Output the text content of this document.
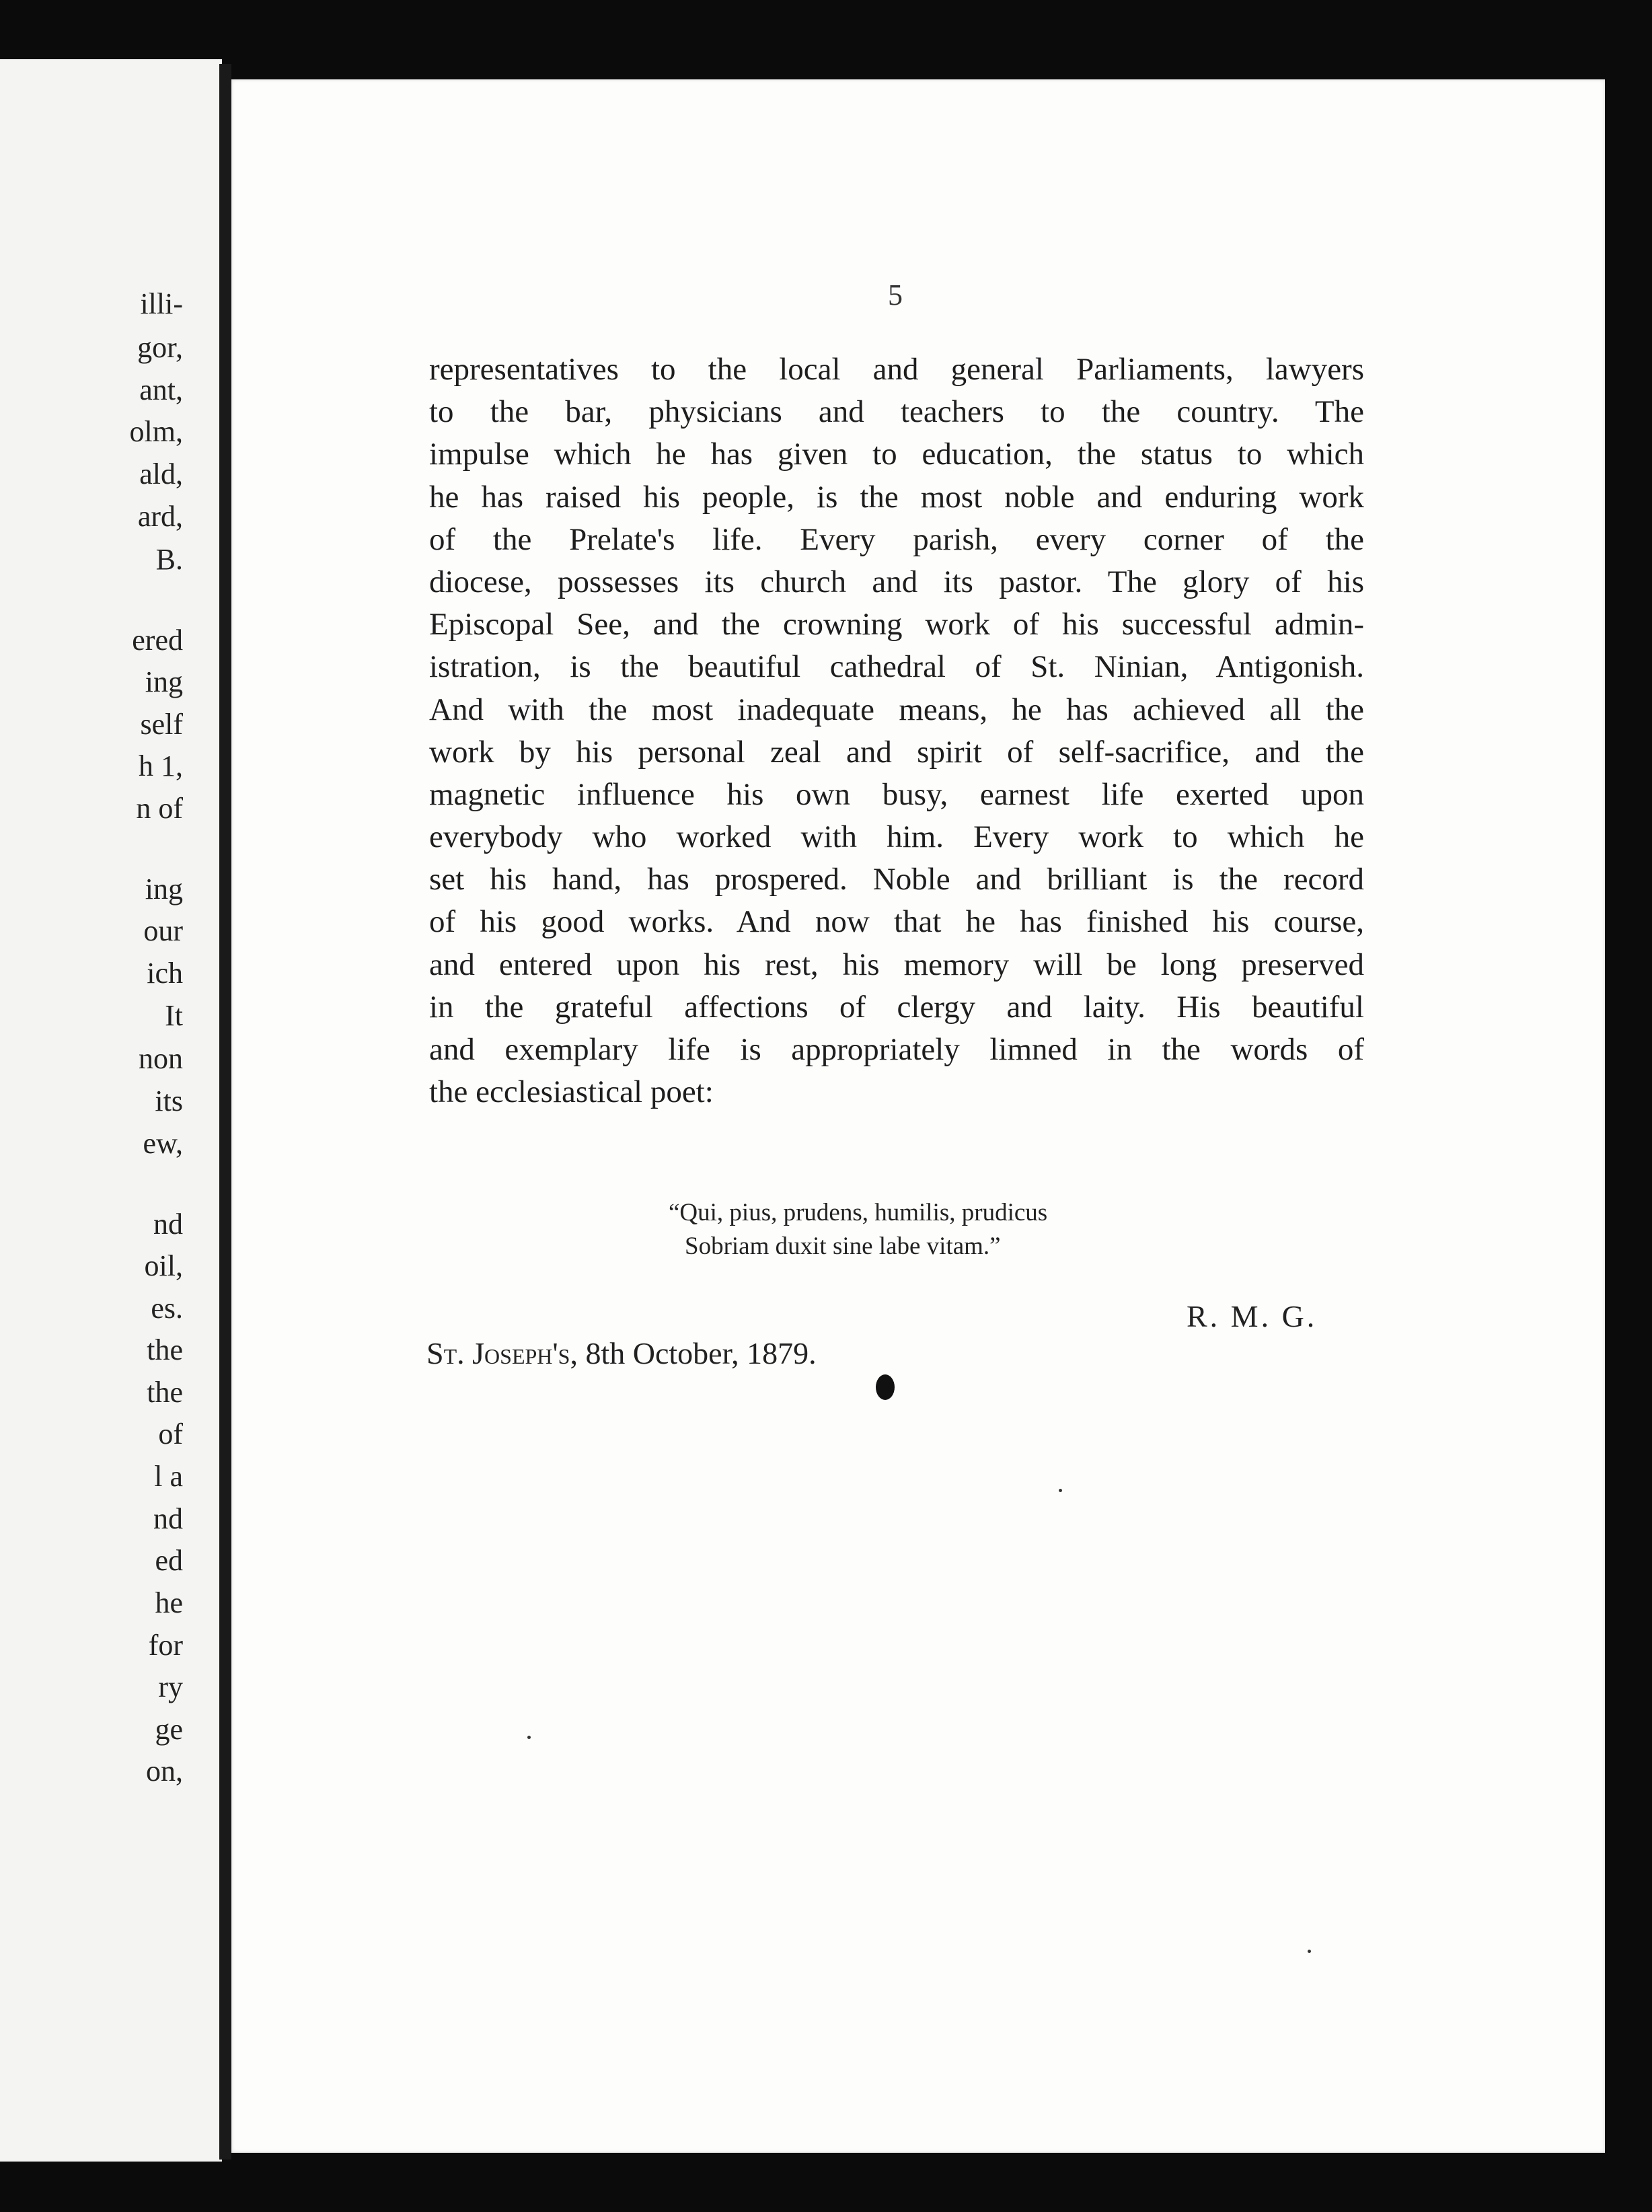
illi-
gor,
ant,
olm,
ald,
ard,
B.
ered
ing
self
h 1,
n of
ing
our
ich
It
non
its
ew,
nd
oil,
es.
the
the
of
l a
nd
ed
he
for
ry
ge
on,
5
representatives to the local and general Parliaments, lawyers
to the bar, physicians and teachers to the country. The
impulse which he has given to education, the status to which
he has raised his people, is the most noble and enduring work
of the Prelate's life. Every parish, every corner of the
diocese, possesses its church and its pastor. The glory of his
Episcopal See, and the crowning work of his successful admin-
istration, is the beautiful cathedral of St. Ninian, Antigonish.
And with the most inadequate means, he has achieved all the
work by his personal zeal and spirit of self-sacrifice, and the
magnetic influence his own busy, earnest life exerted upon
everybody who worked with him. Every work to which he
set his hand, has prospered. Noble and brilliant is the record
of his good works. And now that he has finished his course,
and entered upon his rest, his memory will be long preserved
in the grateful affections of clergy and laity. His beautiful
and exemplary life is appropriately limned in the words of
the ecclesiastical poet:
“Qui, pius, prudens, humilis, prudicus
Sobriam duxit sine labe vitam.”
R. M. G.
St. Joseph's, 8th October, 1879.
